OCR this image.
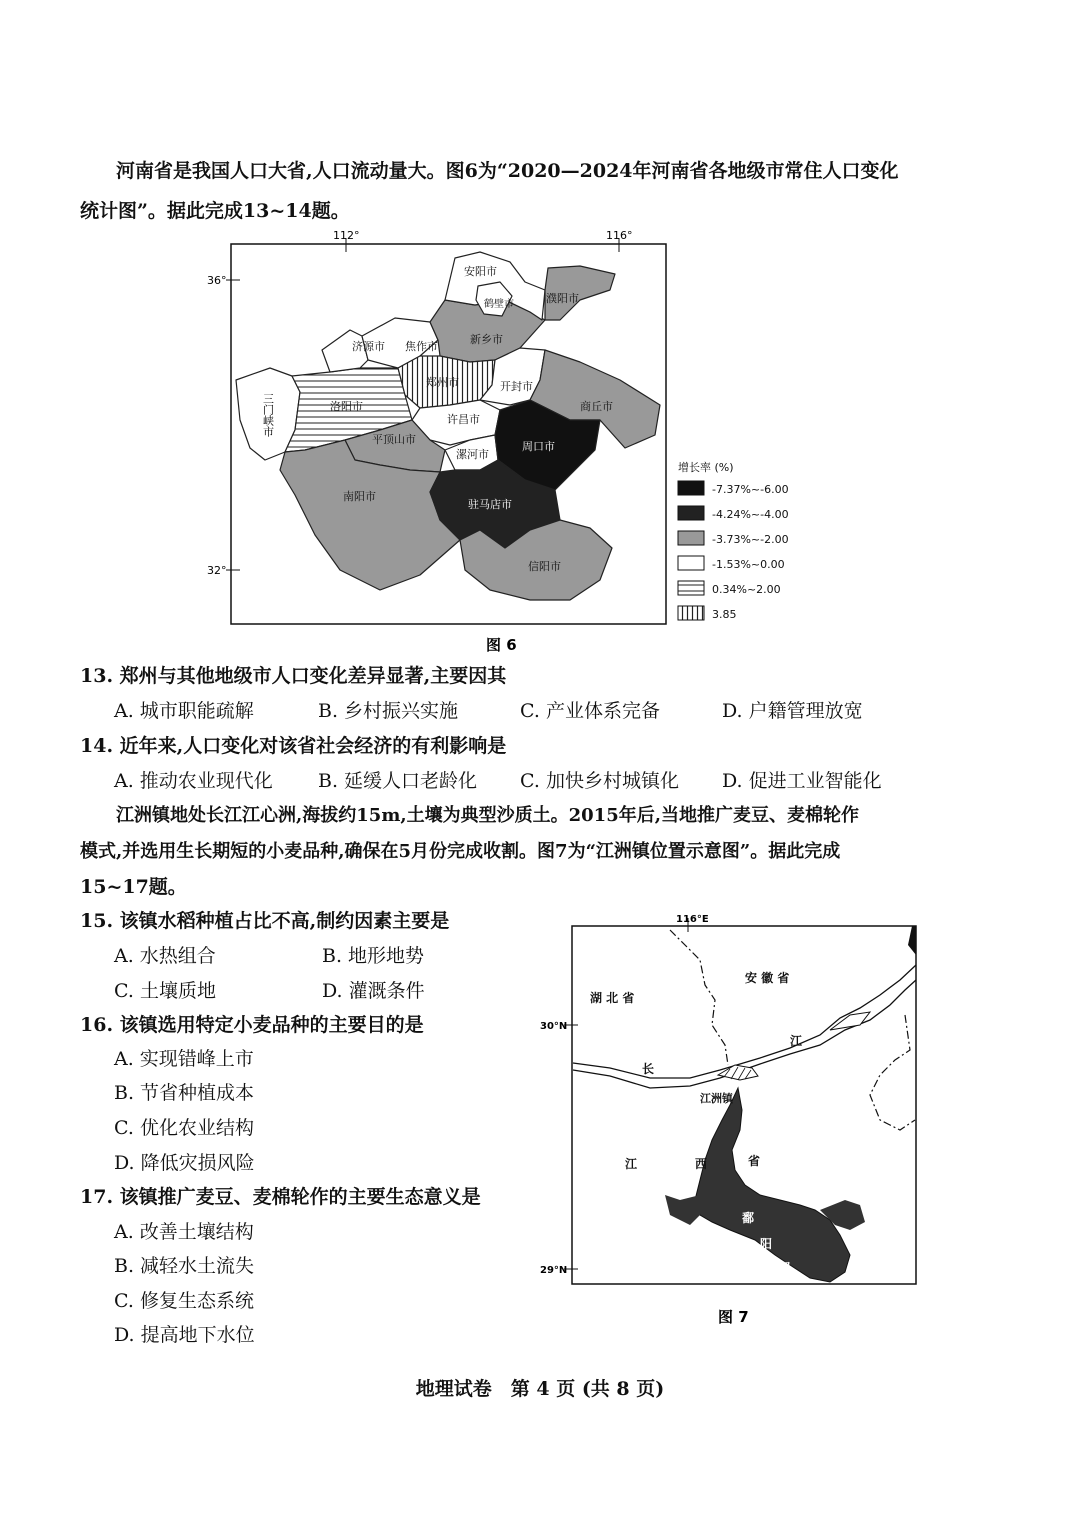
河南省是我国人口大省,人口流动量大。图6为“2020—2024年河南省各地级市常住人口变化
统计图”。据此完成13~14题。
112°	116°
36°
32°
安阳市
鹤壁市	濮阳市
新乡市
济源市 焦作市
郑州市	开封市
商丘市
洛阳市
许昌市
平顶山市
漯河市
周口市
南阳市
驻马店市
信阳市
三门峡市
增长率 (%)
-7.37%~-6.00
-4.24%~-4.00
-3.73%~-2.00
-1.53%~0.00
0.34%~2.00
3.85
图 6
13. 郑州与其他地级市人口变化差异显著,主要因其
A. 城市职能疏解	B. 乡村振兴实施	C. 产业体系完备	D. 户籍管理放宽
14. 近年来,人口变化对该省社会经济的有利影响是
A. 推动农业现代化 B. 延缓人口老龄化 C. 加快乡村城镇化 D. 促进工业智能化
江洲镇地处长江江心洲,海拔约15m,土壤为典型沙质土。2015年后,当地推广麦豆、麦棉轮作
模式,并选用生长期短的小麦品种,确保在5月份完成收割。图7为“江洲镇位置示意图”。据此完成
15~17题。
15. 该镇水稻种植占比不高,制约因素主要是
A. 水热组合	B. 地形地势
C. 土壤质地	D. 灌溉条件
16. 该镇选用特定小麦品种的主要目的是
A. 实现错峰上市
B. 节省种植成本
C. 优化农业结构
D. 降低灾损风险
17. 该镇推广麦豆、麦棉轮作的主要生态意义是
A. 改善土壤结构
B. 减轻水土流失
C. 修复生态系统
D. 提高地下水位
116°E
30°N
29°N
湖 北 省
安 徽 省
长
江
江洲镇
江	西	省
鄱
阳
湖
图 7
地理试卷　第 4 页 (共 8 页)
